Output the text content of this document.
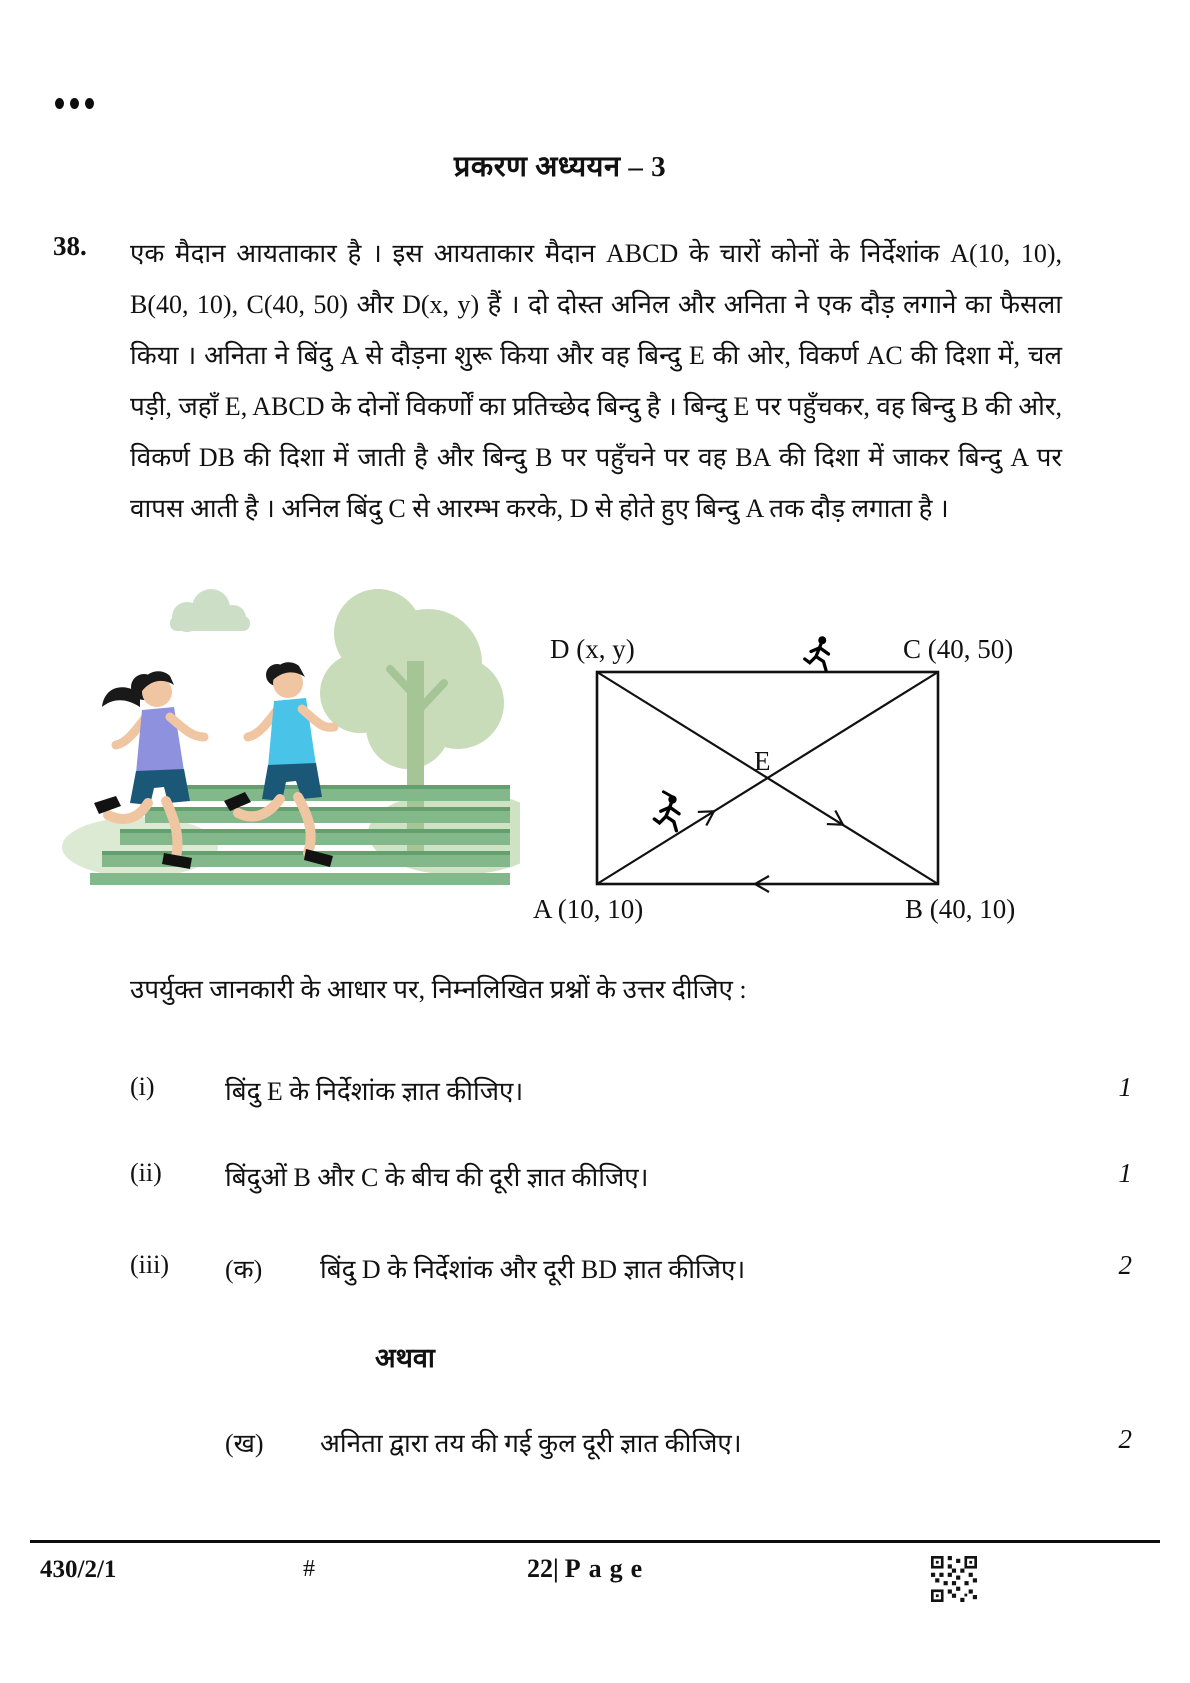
प्रकरण अध्ययन – 3
38. एक मैदान आयताकार है । इस आयताकार मैदान ABCD के चारों कोनों के निर्देशांक A(10, 10), B(40, 10), C(40, 50) और D(x, y) हैं । दो दोस्त अनिल और अनिता ने एक दौड़ लगाने का फैसला किया । अनिता ने बिंदु A से दौड़ना शुरू किया और वह बिन्दु E की ओर, विकर्ण AC की दिशा में, चल पड़ी, जहाँ E, ABCD के दोनों विकर्णों का प्रतिच्छेद बिन्दु है । बिन्दु E पर पहुँचकर, वह बिन्दु B की ओर, विकर्ण DB की दिशा में जाती है और बिन्दु B पर पहुँचने पर वह BA की दिशा में जाकर बिन्दु A पर वापस आती है । अनिल बिंदु C से आरम्भ करके, D से होते हुए बिन्दु A तक दौड़ लगाता है ।
D (x, y)	C (40, 50)
A (10, 10)	B (40, 10)
E
उपर्युक्त जानकारी के आधार पर, निम्नलिखित प्रश्नों के उत्तर दीजिए :
(i)	बिंदु E के निर्देशांक ज्ञात कीजिए।	1
(ii) बिंदुओं B और C के बीच की दूरी ज्ञात कीजिए।	1
(iii) (क) बिंदु D के निर्देशांक और दूरी BD ज्ञात कीजिए।	2
अथवा
(ख) अनिता द्वारा तय की गई कुल दूरी ज्ञात कीजिए।	2
430/2/1	#	22| Page
